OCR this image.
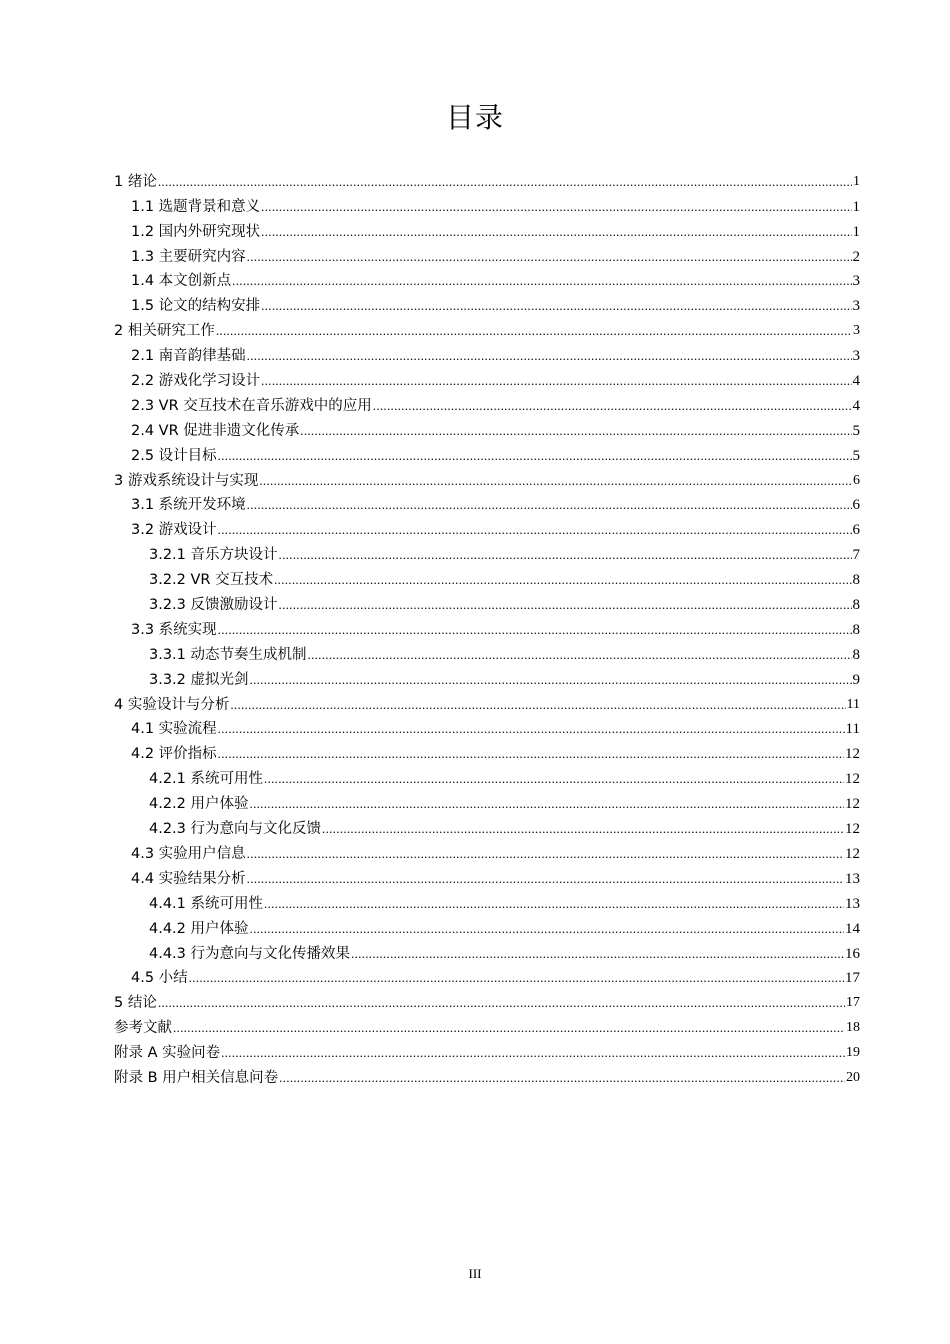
目录
1 绪论 .....	1
1.1 选题背景和意义 .....	1
1.2 国内外研究现状 .....	1
1.3 主要研究内容 .....	2
1.4 本文创新点 .....	3
1.5 论文的结构安排 .....	3
2 相关研究工作 .....	3
2.1 南音韵律基础 .....	3
2.2 游戏化学习设计 .....	4
2.3 VR 交互技术在音乐游戏中的应用 .....	4
2.4 VR 促进非遗文化传承 .....	5
2.5 设计目标 .....	5
3 游戏系统设计与实现 .....	6
3.1 系统开发环境 .....	6
3.2 游戏设计 .....	6
3.2.1 音乐方块设计 .....	7
3.2.2 VR 交互技术 .....	8
3.2.3 反馈激励设计 .....	8
3.3 系统实现 .....	8
3.3.1 动态节奏生成机制 .....	8
3.3.2 虚拟光剑 .....	9
4 实验设计与分析 .....	11
4.1 实验流程 .....	11
4.2 评价指标 .....	12
4.2.1 系统可用性 .....	12
4.2.2 用户体验 .....	12
4.2.3 行为意向与文化反馈 .....	12
4.3 实验用户信息 .....	12
4.4 实验结果分析 .....	13
4.4.1 系统可用性 .....	13
4.4.2 用户体验 .....	14
4.4.3 行为意向与文化传播效果 .....	16
4.5 小结 .....	17
5 结论 .....	17
参考文献 .....	18
附录 A 实验问卷 .....	19
附录 B 用户相关信息问卷 .....	20
III
